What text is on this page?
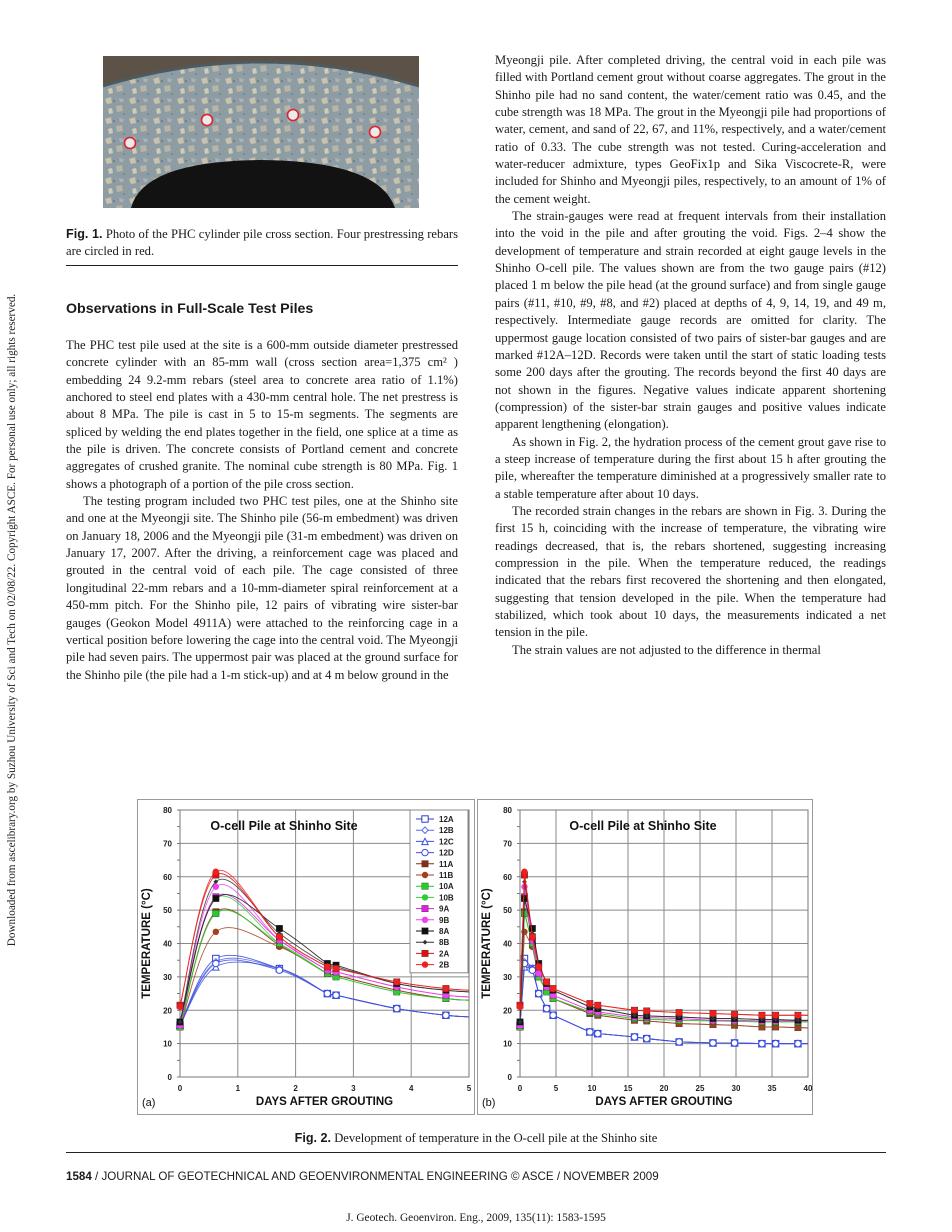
Downloaded from ascelibrary.org by Suzhou University of Sci and Tech on 02/08/22. Copyright ASCE. For personal use only; all rights reserved.
Fig. 1. Photo of the PHC cylinder pile cross section. Four prestressing rebars are circled in red.
Observations in Full-Scale Test Piles

The PHC test pile used at the site is a 600-mm outside diameter prestressed concrete cylinder with an 85-mm wall (cross section area=1,375 cm² ) embedding 24 9.2-mm rebars (steel area to concrete area ratio of 1.1%) anchored to steel end plates with a 430-mm central hole. The net prestress is about 8 MPa. The pile is cast in 5 to 15-m segments. The segments are spliced by welding the end plates together in the field, one splice at a time as the pile is driven. The concrete consists of Portland cement and concrete aggregates of crushed granite. The nominal cube strength is 80 MPa. Fig. 1 shows a photograph of a portion of the pile cross section.

The testing program included two PHC test piles, one at the Shinho site and one at the Myeongji site. The Shinho pile (56-m embedment) was driven on January 18, 2006 and the Myeongji pile (31-m embedment) was driven on January 17, 2007. After the driving, a reinforcement cage was placed and grouted in the central void of each pile. The cage consisted of three longitudinal 22-mm rebars and a 10-mm-diameter spiral reinforcement at a 450-mm pitch. For the Shinho pile, 12 pairs of vibrating wire sister-bar gauges (Geokon Model 4911A) were attached to the reinforcing cage in a vertical position before lowering the cage into the central void. The Myeongji pile had seven pairs. The uppermost pair was placed at the ground surface for the Shinho pile (the pile had a 1-m stick-up) and at 4 m below ground in the

Myeongji pile. After completed driving, the central void in each pile was filled with Portland cement grout without coarse aggregates. The grout in the Shinho pile had no sand content, the water/cement ratio was 0.45, and the cube strength was 18 MPa. The grout in the Myeongji pile had proportions of water, cement, and sand of 22, 67, and 11%, respectively, and a water/cement ratio of 0.33. The cube strength was not tested. Curing-acceleration and water-reducer admixture, types GeoFix1p and Sika Viscocrete-R, were included for Shinho and Myeongji piles, respectively, to an amount of 1% of the cement weight.

The strain-gauges were read at frequent intervals from their installation into the void in the pile and after grouting the void. Figs. 2–4 show the development of temperature and strain recorded at eight gauge levels in the Shinho O-cell pile. The values shown are from the two gauge pairs (#12) placed 1 m below the pile head (at the ground surface) and from single gauge pairs (#11, #10, #9, #8, and #2) placed at depths of 4, 9, 14, 19, and 49 m, respectively. Intermediate gauge records are omitted for clarity. The uppermost gauge location consisted of two pairs of sister-bar gauges and are marked #12A–12D. Records were taken until the start of static loading tests some 200 days after the grouting. The records beyond the first 40 days are not shown in the figures. Negative values indicate apparent shortening (compression) of the sister-bar strain gauges and positive values indicate apparent lengthening (elongation).

As shown in Fig. 2, the hydration process of the cement grout gave rise to a steep increase of temperature during the first about 15 h after grouting the pile, whereafter the temperature diminished at a progressively smaller rate to a stable temperature after about 10 days.

The recorded strain changes in the rebars are shown in Fig. 3. During the first 15 h, coinciding with the increase of temperature, the vibrating wire readings decreased, that is, the rebars shortened, suggesting increasing compression in the pile. When the temperature reduced, the readings indicated that the rebars first recovered the shortening and then elongated, suggesting that tension developed in the pile. When the temperature had stabilized, which took about 10 days, the measurements indicated a net tension in the pile.

The strain values are not adjusted to the difference in thermal

0
10
20
30
40
50
60
70
80
0	1	2	3	4	5
DAYS AFTER GROUTING
TEMPERATURE (°C)
(a)
O-cell Pile at Shinho Site	12A
12B
12C
12D
11A
11B
10A
10B
9A
9B
8A
8B
2A
2B
0
10
20
30
40
50
60
70
80
0	5	10	15	20	25	30	35	40
DAYS AFTER GROUTING
TEMPERATURE (°C)
(b)
O-cell Pile at Shinho Site
Fig. 2. Development of temperature in the O-cell pile at the Shinho site
1584 / JOURNAL OF GEOTECHNICAL AND GEOENVIRONMENTAL ENGINEERING © ASCE / NOVEMBER 2009
J. Geotech. Geoenviron. Eng., 2009, 135(11): 1583-1595
